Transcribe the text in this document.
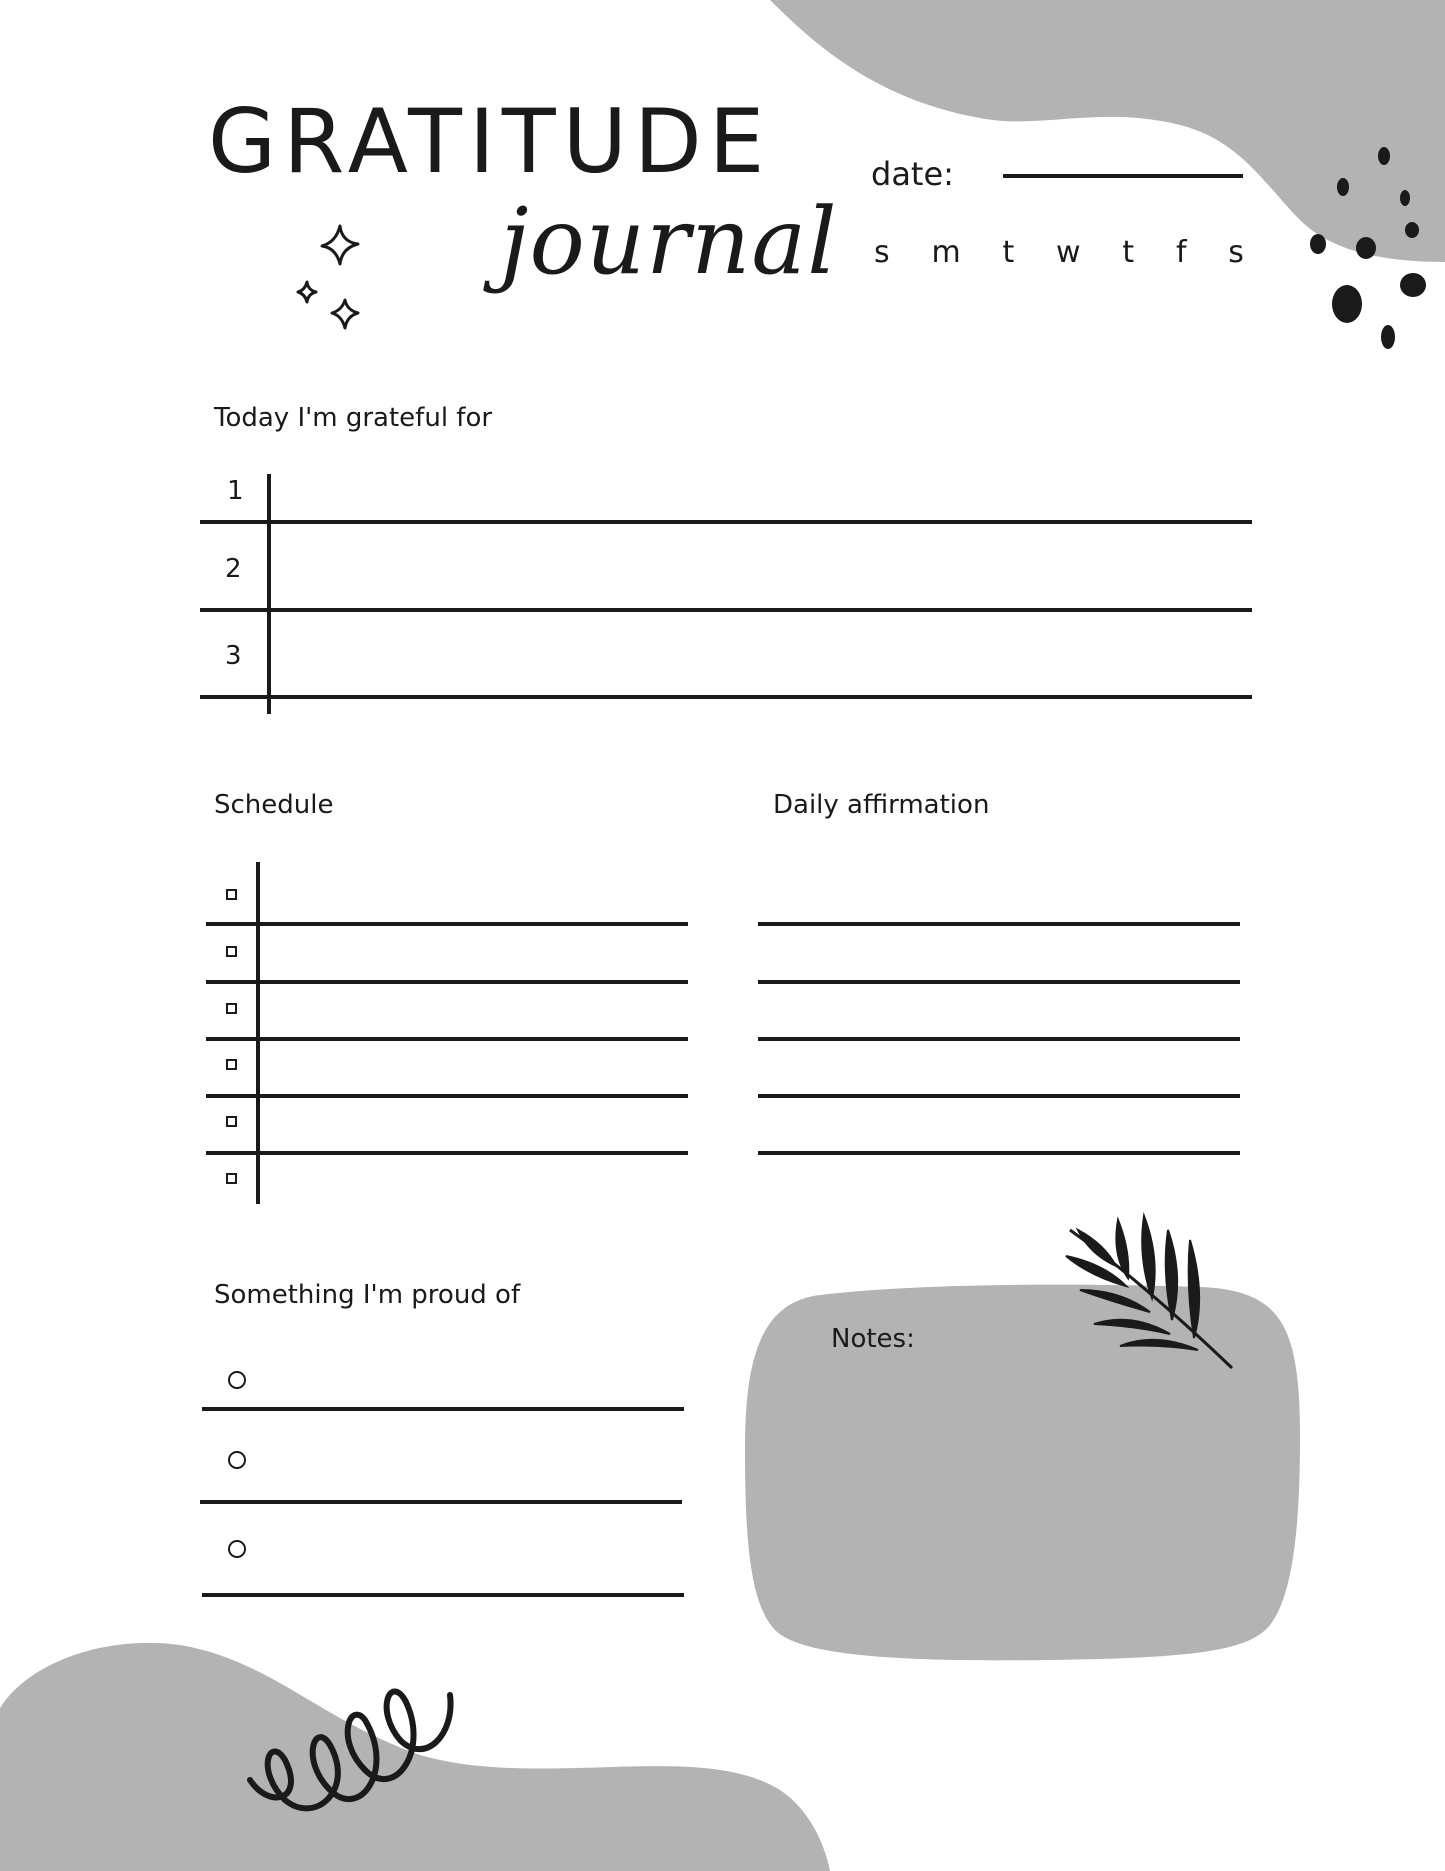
GRATITUDE
journal
date:
s m t w t f s
Today I'm grateful for
1
2
3
Schedule	Daily affirmation
Something I'm proud of
Notes:
